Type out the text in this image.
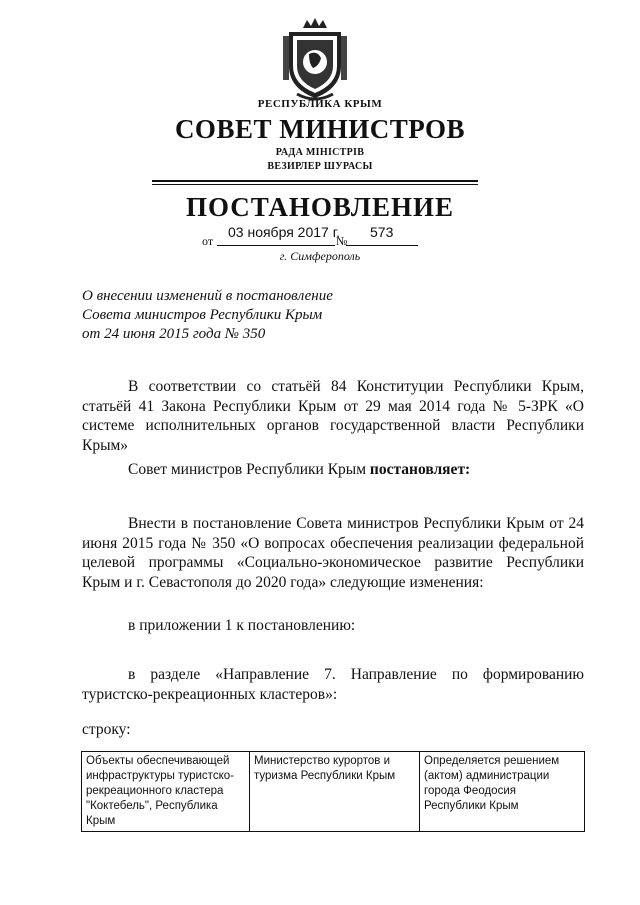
РЕСПУБЛИКА КРЫМ
СОВЕТ МИНИСТРОВ
РАДА МІНІСТРІВ
ВЕЗИРЛЕР ШУРАСЫ
ПОСТАНОВЛЕНИЕ
03 ноября 2017 г. 573
от	№
г. Симферополь
О внесении изменений в постановление
Совета министров Республики Крым
от 24 июня 2015 года № 350
В соответствии со статьёй 84 Конституции Республики Крым, статьёй 41 Закона Республики Крым от 29 мая 2014 года № 5-ЗРК «О системе исполнительных органов государственной власти Республики Крым»
Совет министров Республики Крым постановляет:
Внести в постановление Совета министров Республики Крым от 24 июня 2015 года № 350 «О вопросах обеспечения реализации федеральной целевой программы «Социально-экономическое развитие Республики Крым и г. Севастополя до 2020 года» следующие изменения:
в приложении 1 к постановлению:
в разделе «Направление 7. Направление по формированию туристско-рекреационных кластеров»:
строку:
Объекты обеспечивающей инфраструктуры туристско-рекреационного кластера "Коктебель", Республика Крым	Министерство курортов и туризма Республики Крым	Определяется решением (актом) администрации города Феодосия Республики Крым
